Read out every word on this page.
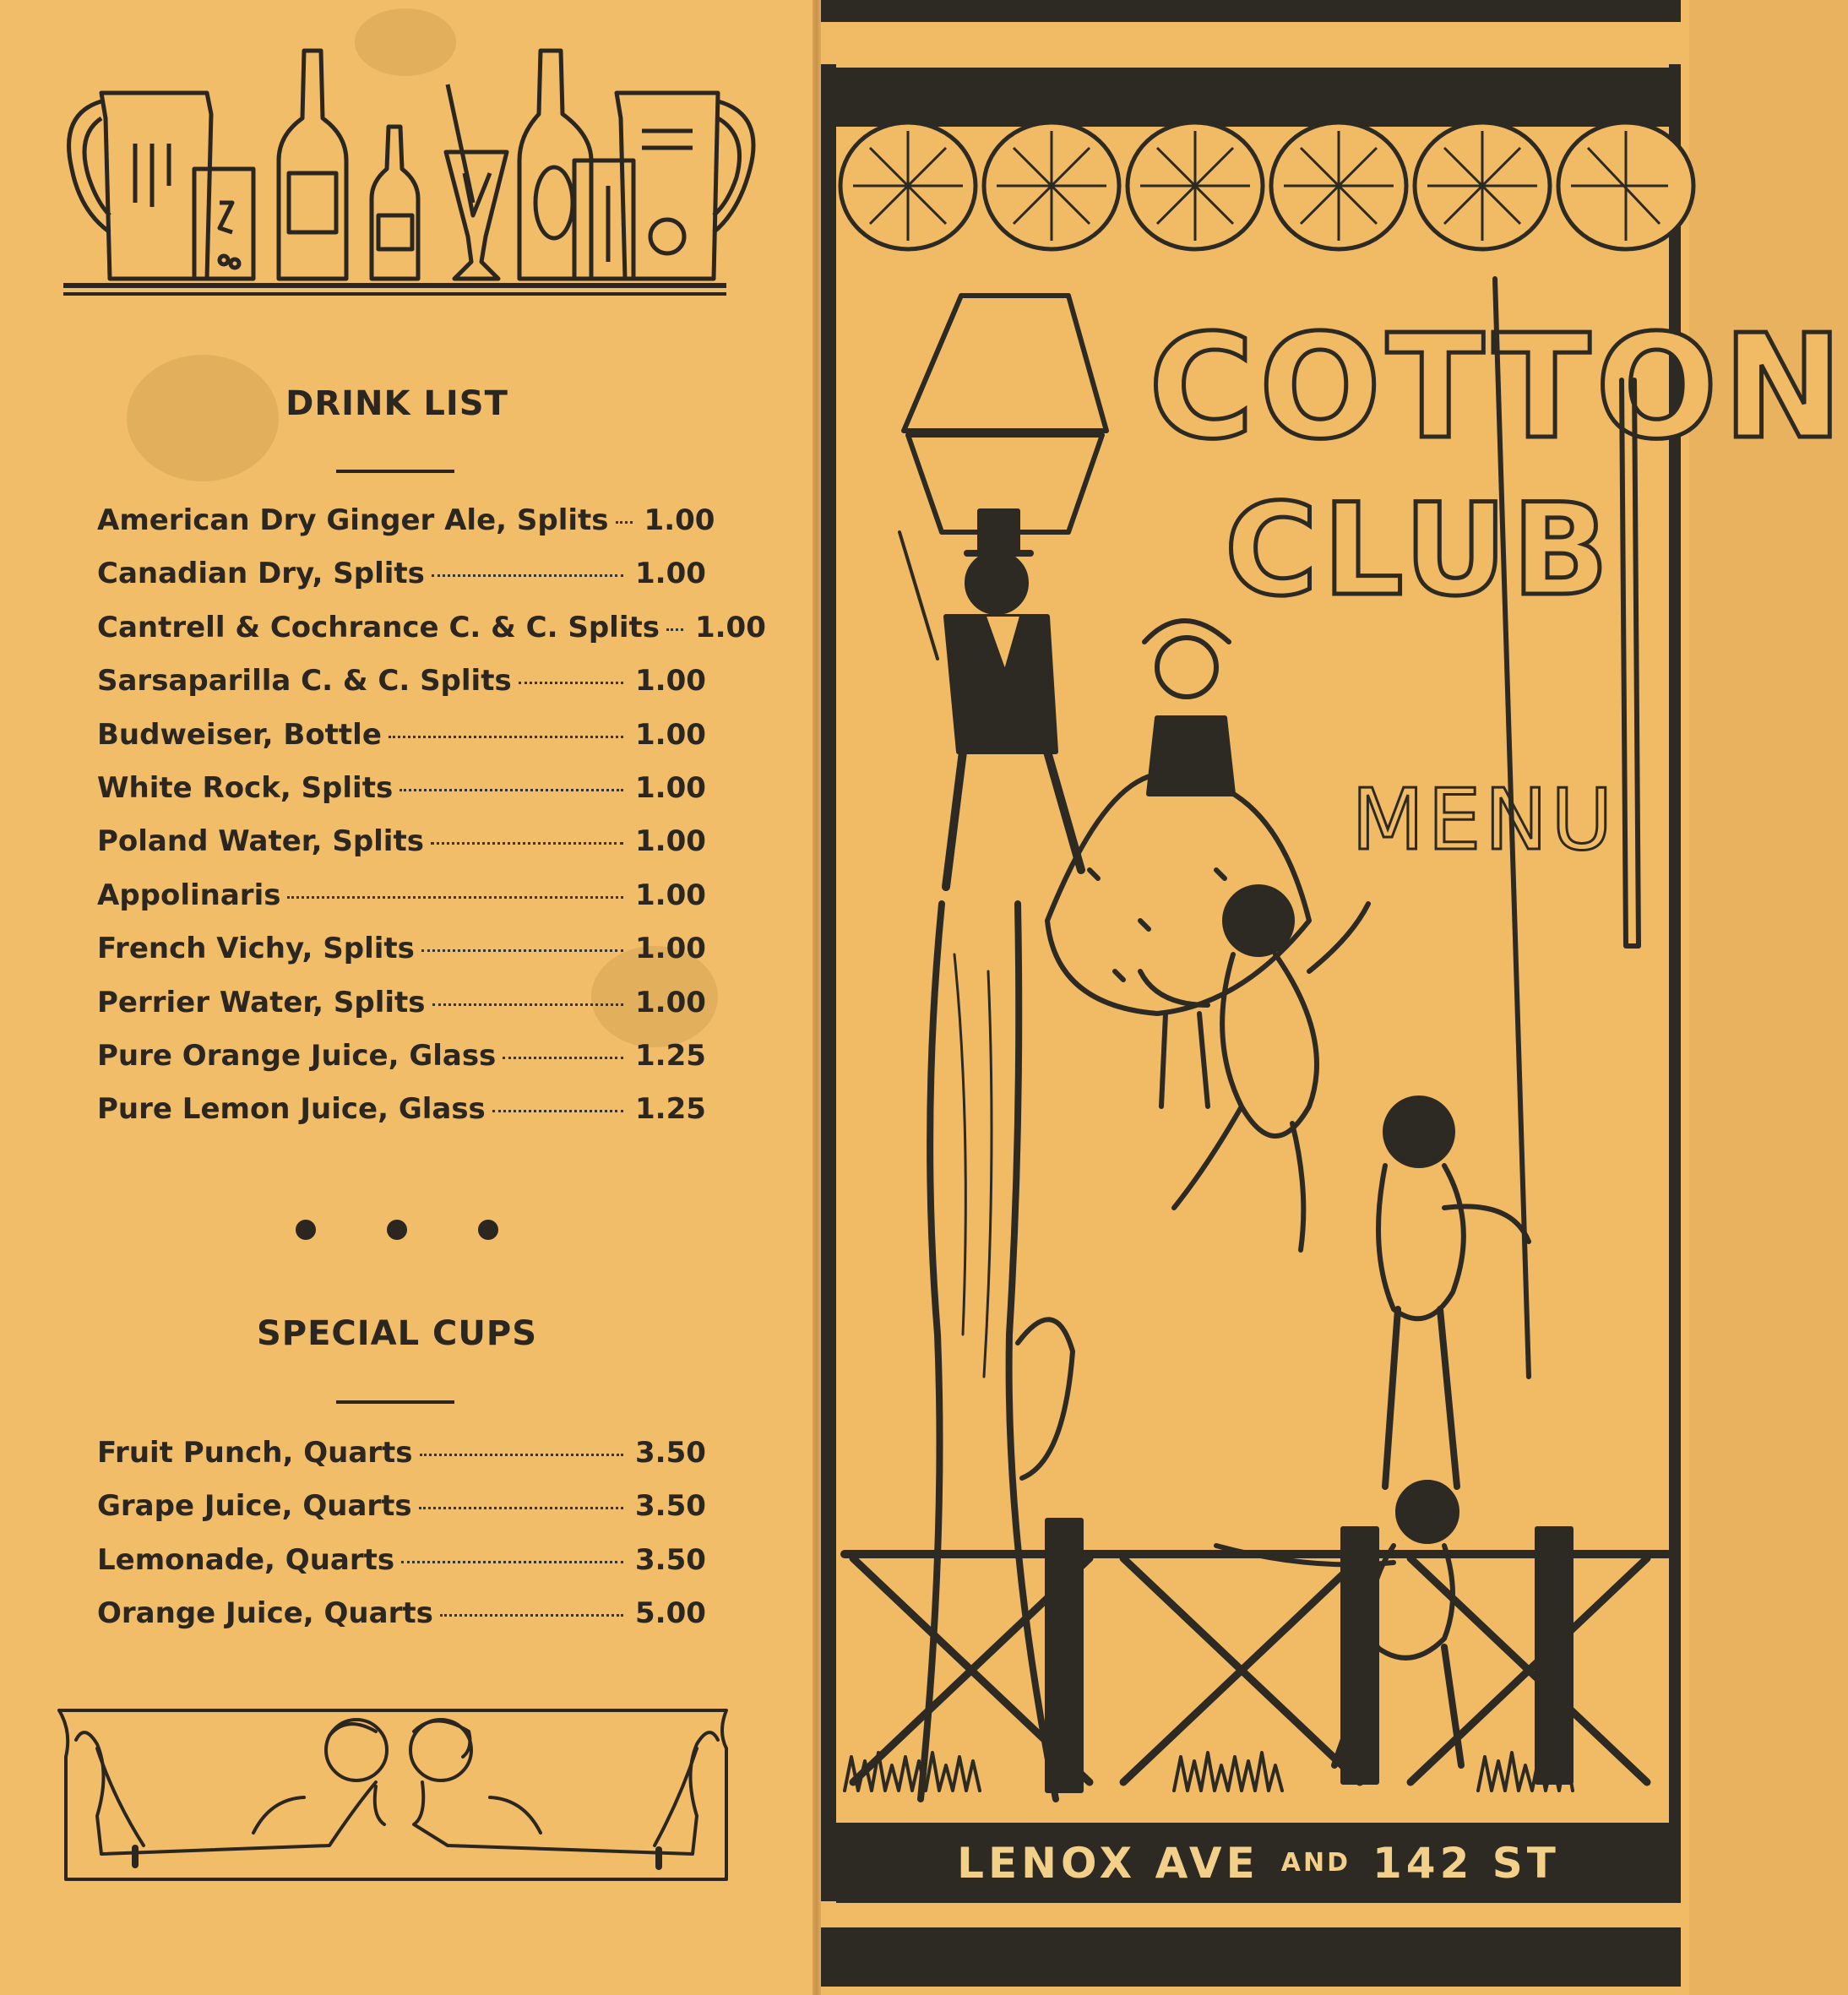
DRINK LIST
American Dry Ginger Ale, Splits 1.00
Canadian Dry, Splits	1.00
Cantrell & Cochrance C. & C. Splits 1.00
Sarsaparilla C. & C. Splits	1.00
Budweiser, Bottle	1.00
White Rock, Splits	1.00
Poland Water, Splits	1.00
Appolinaris	1.00
French Vichy, Splits	1.00
Perrier Water, Splits	1.00
Pure Orange Juice, Glass	1.25
Pure Lemon Juice, Glass	1.25
SPECIAL CUPS
Fruit Punch, Quarts	3.50
Grape Juice, Quarts	3.50
Lemonade, Quarts	3.50
Orange Juice, Quarts	5.00
COTTON
CLUB
MENU
LENOX AVE AND 142 ST
